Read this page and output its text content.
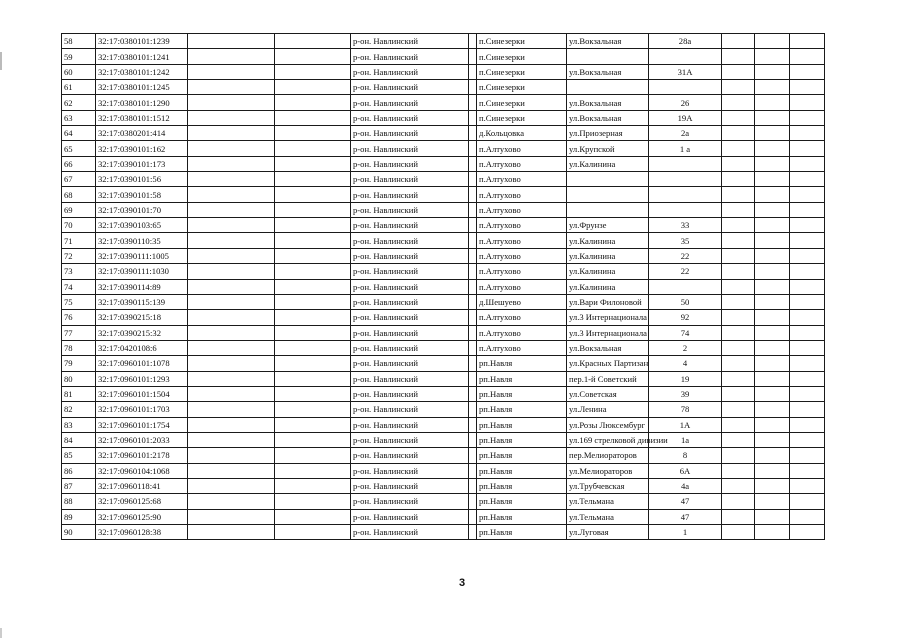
58	32:17:0380101:1239			р-он. Навлинский		п.Синезерки	ул.Вокзальная	28а			
59	32:17:0380101:1241			р-он. Навлинский		п.Синезерки					
60	32:17:0380101:1242			р-он. Навлинский		п.Синезерки	ул.Вокзальная	31А			
61	32:17:0380101:1245			р-он. Навлинский		п.Синезерки					
62	32:17:0380101:1290			р-он. Навлинский		п.Синезерки	ул.Вокзальная	26			
63	32:17:0380101:1512			р-он. Навлинский		п.Синезерки	ул.Вокзальная	19А			
64	32:17:0380201:414			р-он. Навлинский		д.Кольцовка	ул.Приозерная	2а			
65	32:17:0390101:162			р-он. Навлинский		п.Алтухово	ул.Крупской	1 а			
66	32:17:0390101:173			р-он. Навлинский		п.Алтухово	ул.Калинина				
67	32:17:0390101:56			р-он. Навлинский		п.Алтухово					
68	32:17:0390101:58			р-он. Навлинский		п.Алтухово					
69	32:17:0390101:70			р-он. Навлинский		п.Алтухово					
70	32:17:0390103:65			р-он. Навлинский		п.Алтухово	ул.Фрунзе	33			
71	32:17:0390110:35			р-он. Навлинский		п.Алтухово	ул.Калинина	35			
72	32:17:0390111:1005			р-он. Навлинский		п.Алтухово	ул.Калинина	22			
73	32:17:0390111:1030			р-он. Навлинский		п.Алтухово	ул.Калинина	22			
74	32:17:0390114:89			р-он. Навлинский		п.Алтухово	ул.Калинина				
75	32:17:0390115:139			р-он. Навлинский		д.Шешуево	ул.Вари Филоновой	50			
76	32:17:0390215:18			р-он. Навлинский		п.Алтухово	ул.3 Интернационала	92			
77	32:17:0390215:32			р-он. Навлинский		п.Алтухово	ул.3 Интернационала	74			
78	32:17:0420108:6			р-он. Навлинский		п.Алтухово	ул.Вокзальная	2			
79	32:17:0960101:1078			р-он. Навлинский		рп.Навля	ул.Красных Партизан	4			
80	32:17:0960101:1293			р-он. Навлинский		рп.Навля	пер.1-й Советский	19			
81	32:17:0960101:1504			р-он. Навлинский		рп.Навля	ул.Советская	39			
82	32:17:0960101:1703			р-он. Навлинский		рп.Навля	ул.Ленина	78			
83	32:17:0960101:1754			р-он. Навлинский		рп.Навля	ул.Розы Люксембург	1А			
84	32:17:0960101:2033			р-он. Навлинский		рп.Навля	ул.169 стрелковой дивизии	1а			
85	32:17:0960101:2178			р-он. Навлинский		рп.Навля	пер.Мелиораторов	8			
86	32:17:0960104:1068			р-он. Навлинский		рп.Навля	ул.Мелиораторов	6А			
87	32:17:0960118:41			р-он. Навлинский		рп.Навля	ул.Трубчевская	4а			
88	32:17:0960125:68			р-он. Навлинский		рп.Навля	ул.Тельмана	47			
89	32:17:0960125:90			р-он. Навлинский		рп.Навля	ул.Тельмана	47			
90	32:17:0960128:38			р-он. Навлинский		рп.Навля	ул.Луговая	1			
3
